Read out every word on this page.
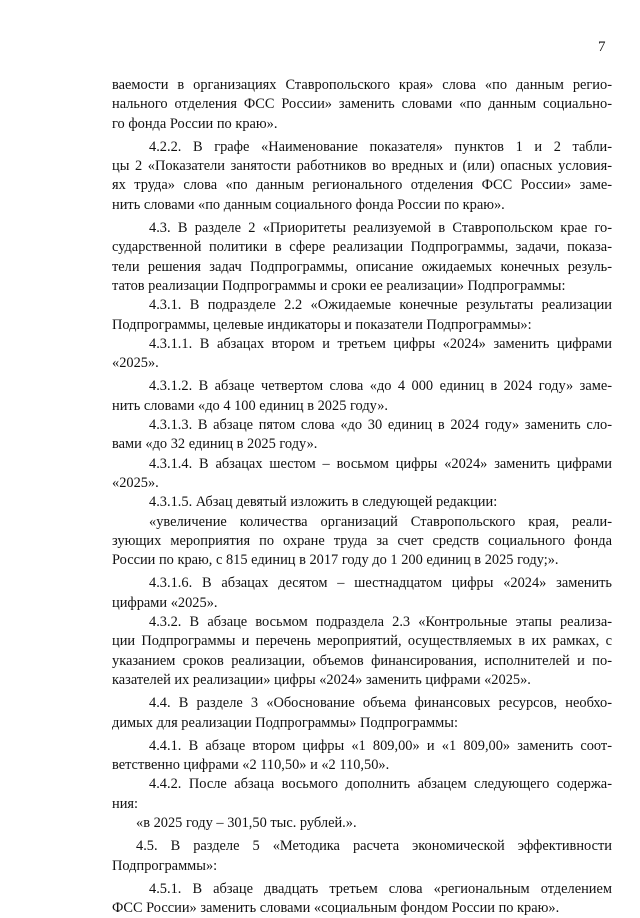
7
ваемости в организациях Ставропольского края» слова «по данным регио-
нального отделения ФСС России» заменить словами «по данным социально-
го фонда России по краю».
4.2.2. В графе «Наименование показателя» пунктов 1 и 2 табли-
цы 2 «Показатели занятости работников во вредных и (или) опасных условия-
ях труда» слова «по данным регионального отделения ФСС России» заме-
нить словами «по данным социального фонда России по краю».
4.3. В разделе 2 «Приоритеты реализуемой в Ставропольском крае го-
сударственной политики в сфере реализации Подпрограммы, задачи, показа-
тели решения задач Подпрограммы, описание ожидаемых конечных резуль-
татов реализации Подпрограммы и сроки ее реализации» Подпрограммы:
4.3.1. В подразделе 2.2 «Ожидаемые конечные результаты реализации
Подпрограммы, целевые индикаторы и показатели Подпрограммы»:
4.3.1.1. В абзацах втором и третьем цифры «2024» заменить цифрами
«2025».
4.3.1.2. В абзаце четвертом слова «до 4 000 единиц в 2024 году» заме-
нить словами «до 4 100 единиц в 2025 году».
4.3.1.3. В абзаце пятом слова «до 30 единиц в 2024 году» заменить сло-
вами «до 32 единиц в 2025 году».
4.3.1.4. В абзацах шестом – восьмом цифры «2024» заменить цифрами
«2025».
4.3.1.5. Абзац девятый изложить в следующей редакции:
«увеличение количества организаций Ставропольского края, реали-
зующих мероприятия по охране труда за счет средств социального фонда
России по краю, с 815 единиц в 2017 году до 1 200 единиц в 2025 году;».
4.3.1.6. В абзацах десятом – шестнадцатом цифры «2024» заменить
цифрами «2025».
4.3.2. В абзаце восьмом подраздела 2.3 «Контрольные этапы реализа-
ции Подпрограммы и перечень мероприятий, осуществляемых в их рамках, с
указанием сроков реализации, объемов финансирования, исполнителей и по-
казателей их реализации» цифры «2024» заменить цифрами «2025».
4.4. В разделе 3 «Обоснование объема финансовых ресурсов, необхо-
димых для реализации Подпрограммы» Подпрограммы:
4.4.1. В абзаце втором цифры «1 809,00» и «1 809,00» заменить соот-
ветственно цифрами «2 110,50» и «2 110,50».
4.4.2. После абзаца восьмого дополнить абзацем следующего содержа-
ния:
«в 2025 году – 301,50 тыс. рублей.».
4.5. В разделе 5 «Методика расчета экономической эффективности
Подпрограммы»:
4.5.1. В абзаце двадцать третьем слова «региональным отделением
ФСС России» заменить словами «социальным фондом России по краю».
